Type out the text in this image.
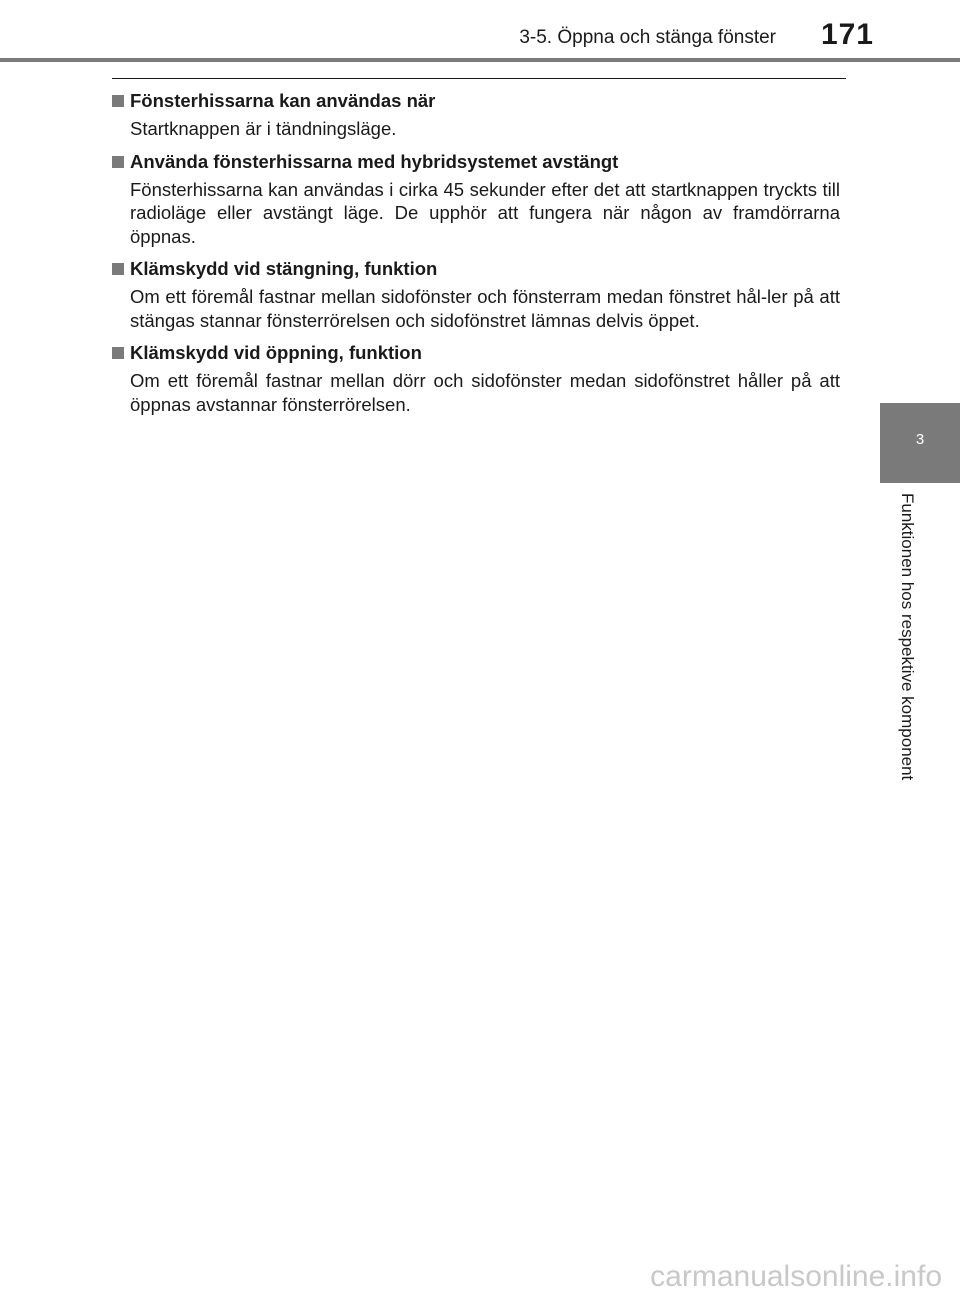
3-5. Öppna och stänga fönster 171
Fönsterhissarna kan användas när
Startknappen är i tändningsläge.
Använda fönsterhissarna med hybridsystemet avstängt
Fönsterhissarna kan användas i cirka 45 sekunder efter det att startknappen tryckts till radioläge eller avstängt läge. De upphör att fungera när någon av framdörrarna öppnas.
Klämskydd vid stängning, funktion
Om ett föremål fastnar mellan sidofönster och fönsterram medan fönstret hål-ler på att stängas stannar fönsterrörelsen och sidofönstret lämnas delvis öppet.
Klämskydd vid öppning, funktion
Om ett föremål fastnar mellan dörr och sidofönster medan sidofönstret håller på att öppnas avstannar fönsterrörelsen.
3
Funktionen hos respektive komponent
carmanualsonline.info
